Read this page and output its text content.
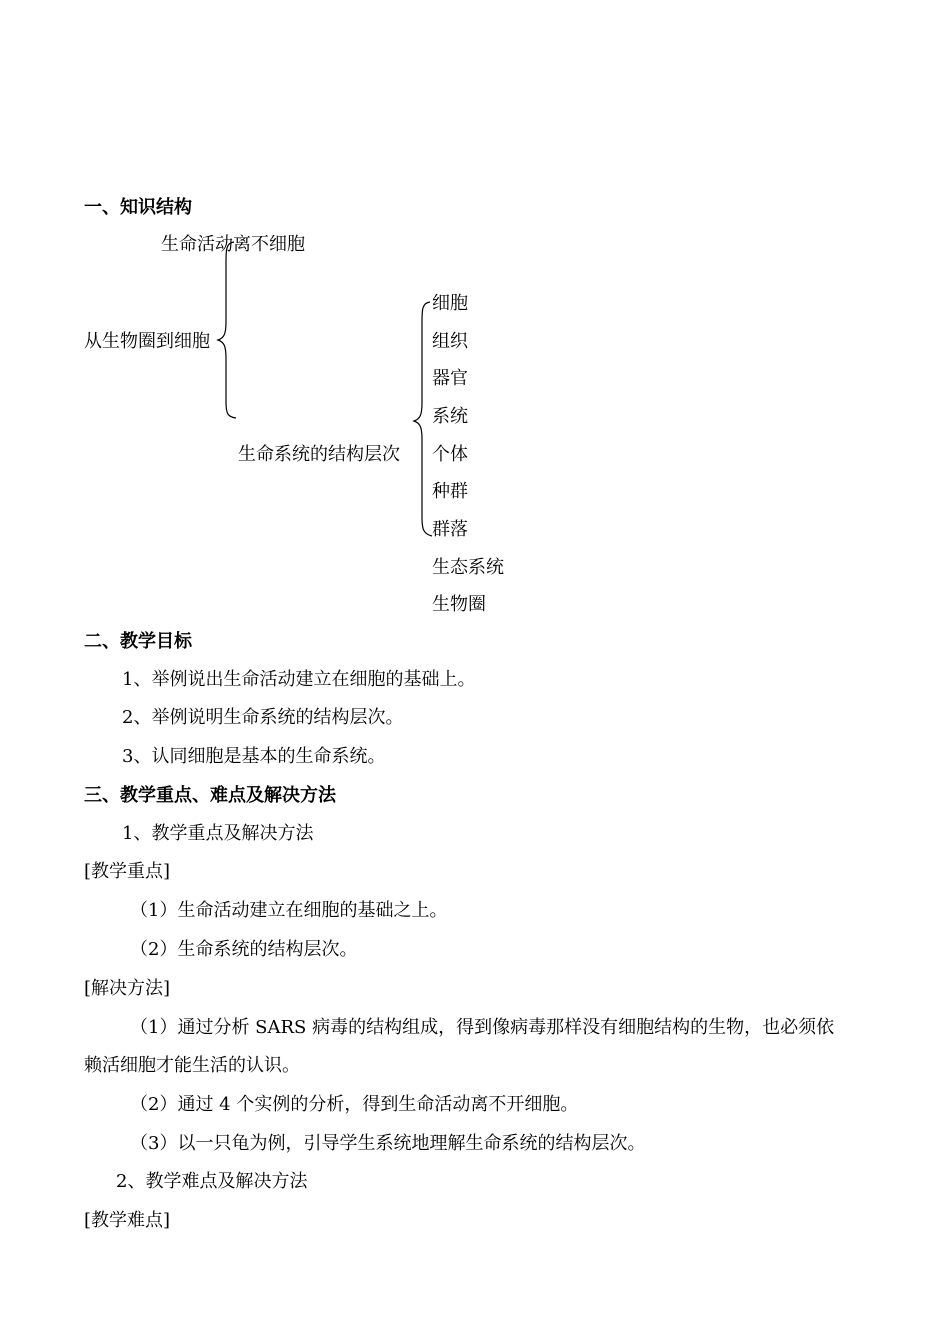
一、知识结构
生命活动离不细胞
从生物圈到细胞
生命系统的结构层次
细胞
组织
器官
系统
个体
种群
群落
生态系统
生物圈
二、教学目标
1、举例说出生命活动建立在细胞的基础上。
2、举例说明生命系统的结构层次。
3、认同细胞是基本的生命系统。
三、教学重点、难点及解决方法
1、教学重点及解决方法
[教学重点]
（1）生命活动建立在细胞的基础之上。
（2）生命系统的结构层次。
[解决方法]
（1）通过分析 SARS 病毒的结构组成，得到像病毒那样没有细胞结构的生物，也必须依
赖活细胞才能生活的认识。
（2）通过 4 个实例的分析，得到生命活动离不开细胞。
（3）以一只龟为例，引导学生系统地理解生命系统的结构层次。
2、教学难点及解决方法
[教学难点]
